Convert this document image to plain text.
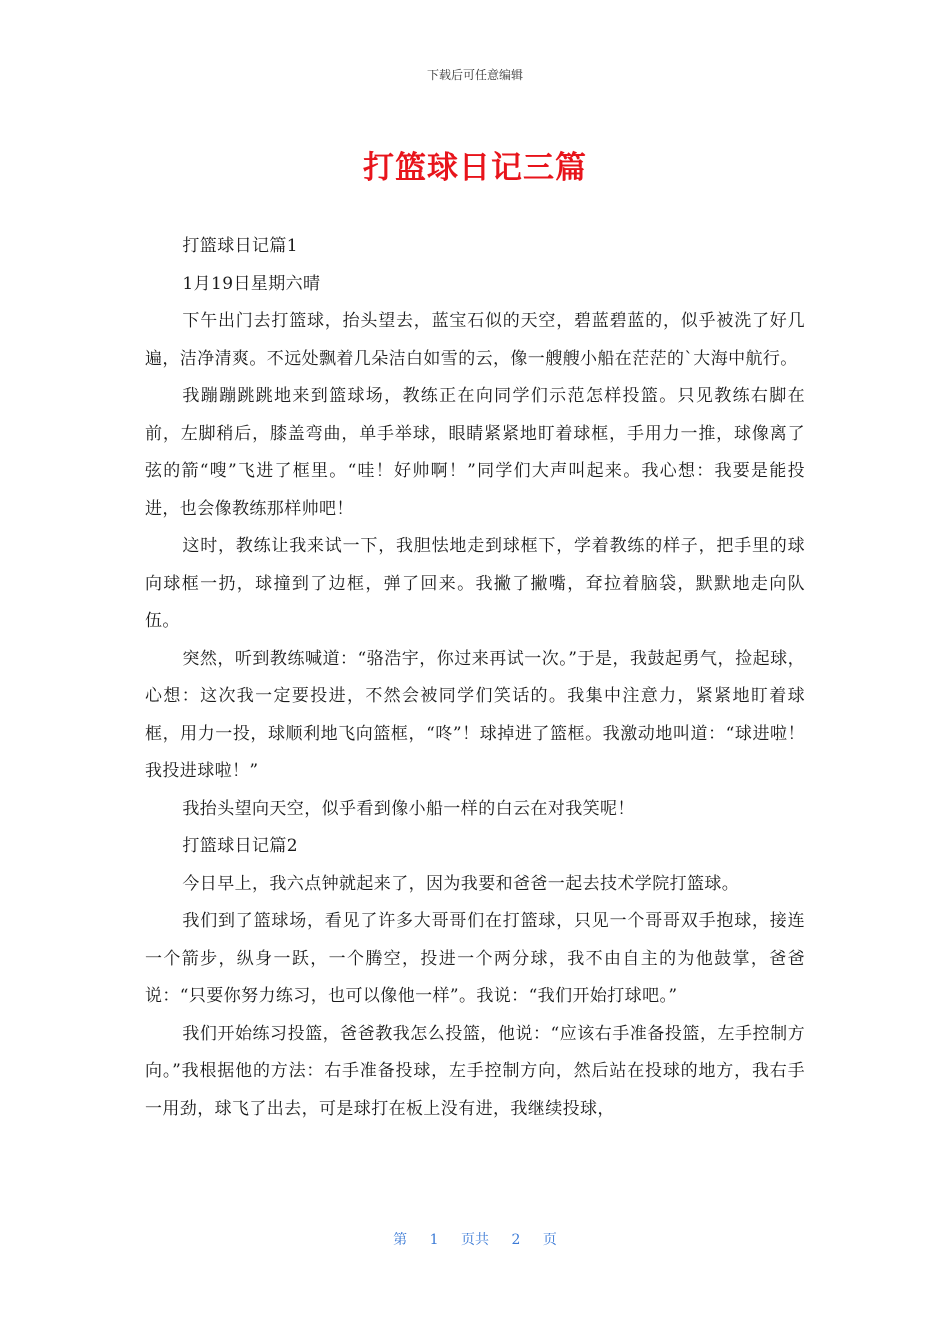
下载后可任意编辑
打篮球日记三篇

打篮球日记篇1

1月19日星期六晴

下午出门去打篮球，抬头望去，蓝宝石似的天空，碧蓝碧蓝的，似乎被洗了好几遍，洁净清爽。不远处飘着几朵洁白如雪的云，像一艘艘小船在茫茫的`大海中航行。

我蹦蹦跳跳地来到篮球场，教练正在向同学们示范怎样投篮。只见教练右脚在前，左脚稍后，膝盖弯曲，单手举球，眼睛紧紧地盯着球框，手用力一推，球像离了弦的箭“嗖”飞进了框里。“哇！好帅啊！”同学们大声叫起来。我心想：我要是能投进，也会像教练那样帅吧！

这时，教练让我来试一下，我胆怯地走到球框下，学着教练的样子，把手里的球向球框一扔，球撞到了边框，弹了回来。我撇了撇嘴，耷拉着脑袋，默默地走向队伍。

突然，听到教练喊道：“骆浩宇，你过来再试一次。”于是，我鼓起勇气，捡起球，心想：这次我一定要投进，不然会被同学们笑话的。我集中注意力，紧紧地盯着球框，用力一投，球顺利地飞向篮框，“咚”！球掉进了篮框。我激动地叫道：“球进啦！我投进球啦！”

我抬头望向天空，似乎看到像小船一样的白云在对我笑呢！

打篮球日记篇2

今日早上，我六点钟就起来了，因为我要和爸爸一起去技术学院打篮球。

我们到了篮球场，看见了许多大哥哥们在打篮球，只见一个哥哥双手抱球，接连一个箭步，纵身一跃，一个腾空，投进一个两分球，我不由自主的为他鼓掌，爸爸说：“只要你努力练习，也可以像他一样”。我说：“我们开始打球吧。”

我们开始练习投篮，爸爸教我怎么投篮，他说：“应该右手准备投篮，左手控制方向。”我根据他的方法：右手准备投球，左手控制方向，然后站在投球的地方，我右手一用劲，球飞了出去，可是球打在板上没有进，我继续投球，

第 1 页共 2 页
